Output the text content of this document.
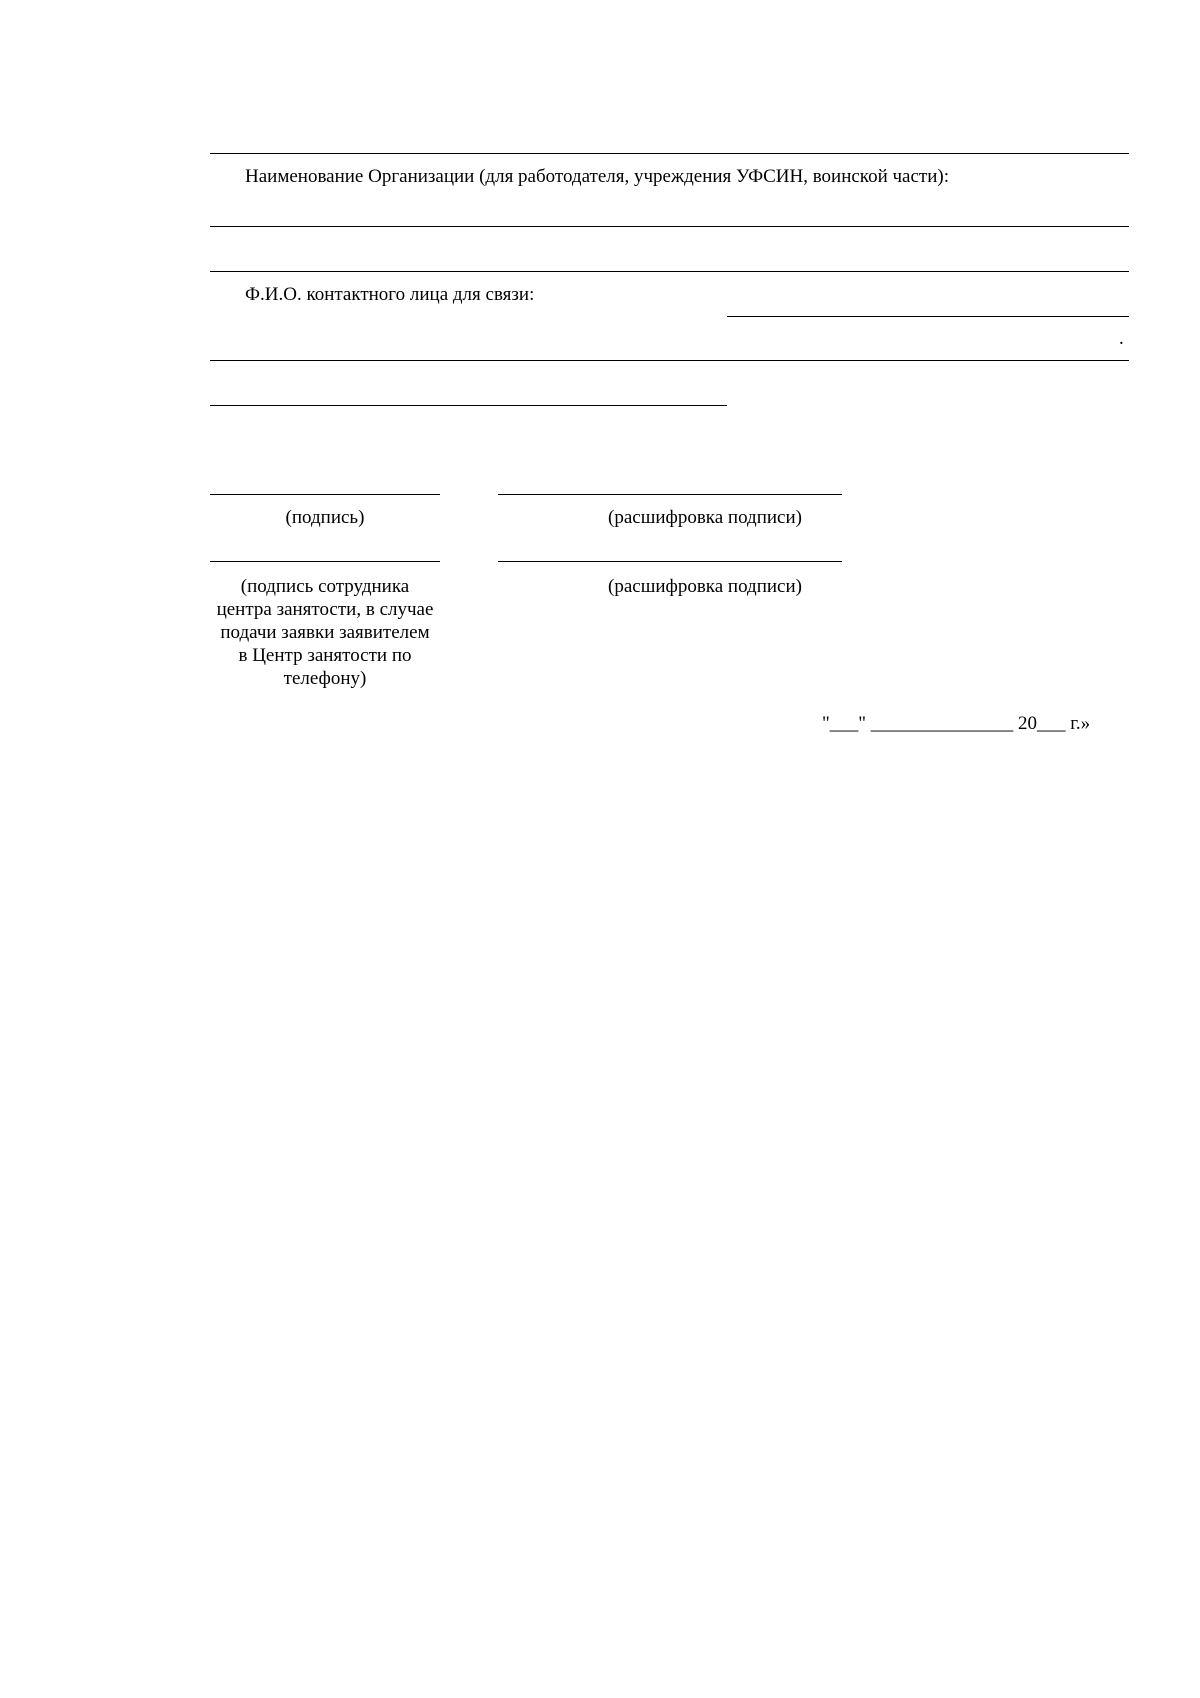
Наименование Организации (для работодателя, учреждения УФСИН, воинской части):
Ф.И.О. контактного лица для связи:
.
(подпись)	(расшифровка подписи)
(подпись сотрудника центра занятости, в случае подачи заявки заявителем в Центр занятости по телефону)
(расшифровка подписи)
"___" _______________ 20___ г.»
